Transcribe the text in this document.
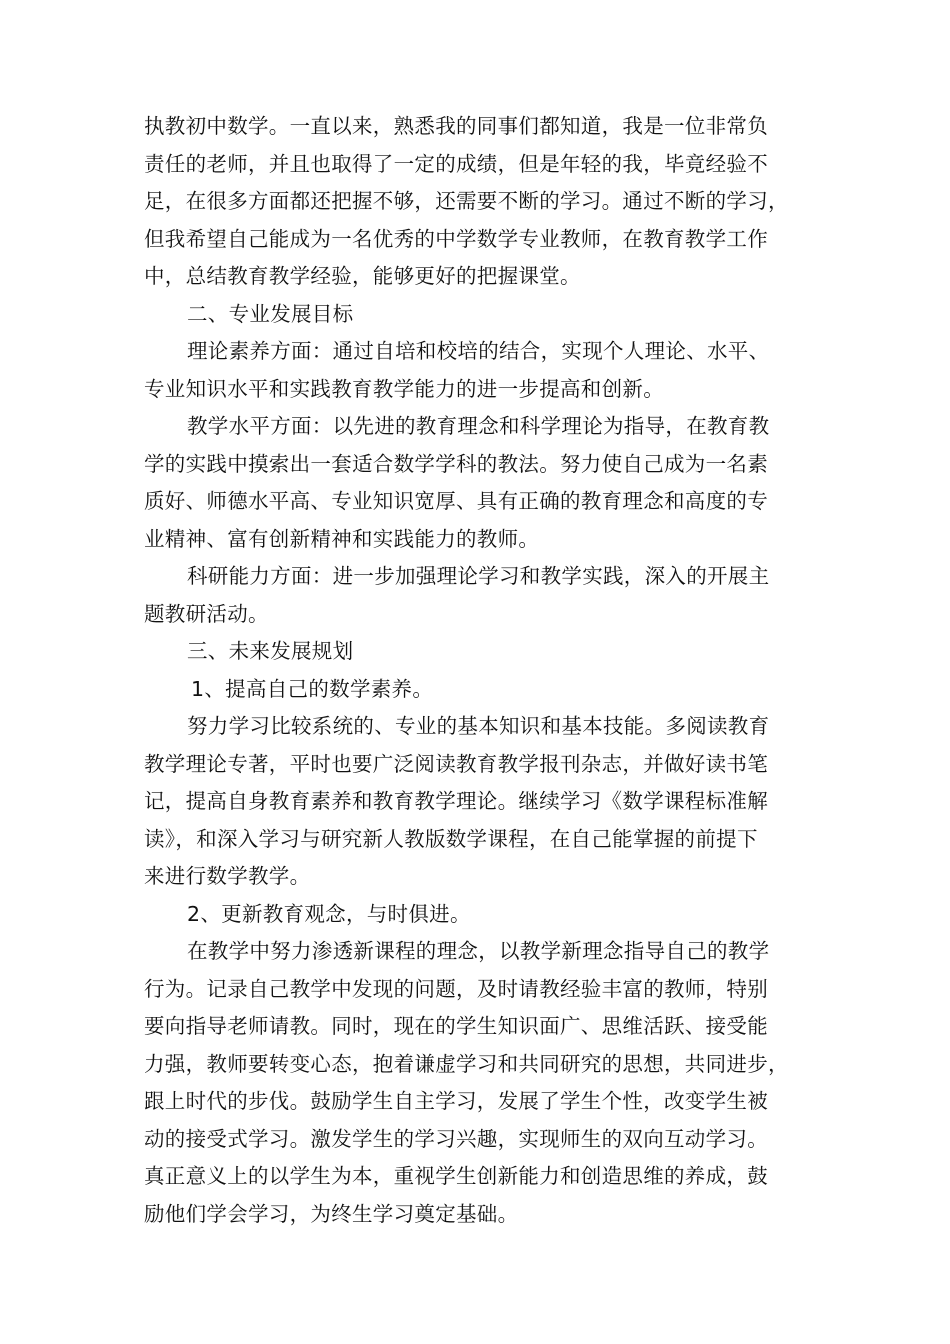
执教初中数学。一直以来，熟悉我的同事们都知道，我是一位非常负
责任的老师，并且也取得了一定的成绩，但是年轻的我，毕竟经验不
足，在很多方面都还把握不够，还需要不断的学习。通过不断的学习，
但我希望自己能成为一名优秀的中学数学专业教师，在教育教学工作
中，总结教育教学经验，能够更好的把握课堂。
二、专业发展目标
理论素养方面：通过自培和校培的结合，实现个人理论、水平、
专业知识水平和实践教育教学能力的进一步提高和创新。
教学水平方面：以先进的教育理念和科学理论为指导，在教育教
学的实践中摸索出一套适合数学学科的教法。努力使自己成为一名素
质好、师德水平高、专业知识宽厚、具有正确的教育理念和高度的专
业精神、富有创新精神和实践能力的教师。
科研能力方面：进一步加强理论学习和教学实践，深入的开展主
题教研活动。
三、未来发展规划
1、提高自己的数学素养。
努力学习比较系统的、专业的基本知识和基本技能。多阅读教育
教学理论专著，平时也要广泛阅读教育教学报刊杂志，并做好读书笔
记，提高自身教育素养和教育教学理论。继续学习《数学课程标准解
读》，和深入学习与研究新人教版数学课程，在自己能掌握的前提下
来进行数学教学。
2、更新教育观念，与时俱进。
在教学中努力渗透新课程的理念，以教学新理念指导自己的教学
行为。记录自己教学中发现的问题，及时请教经验丰富的教师，特别
要向指导老师请教。同时，现在的学生知识面广、思维活跃、接受能
力强，教师要转变心态，抱着谦虚学习和共同研究的思想，共同进步，
跟上时代的步伐。鼓励学生自主学习，发展了学生个性，改变学生被
动的接受式学习。激发学生的学习兴趣，实现师生的双向互动学习。
真正意义上的以学生为本，重视学生创新能力和创造思维的养成，鼓
励他们学会学习，为终生学习奠定基础。
